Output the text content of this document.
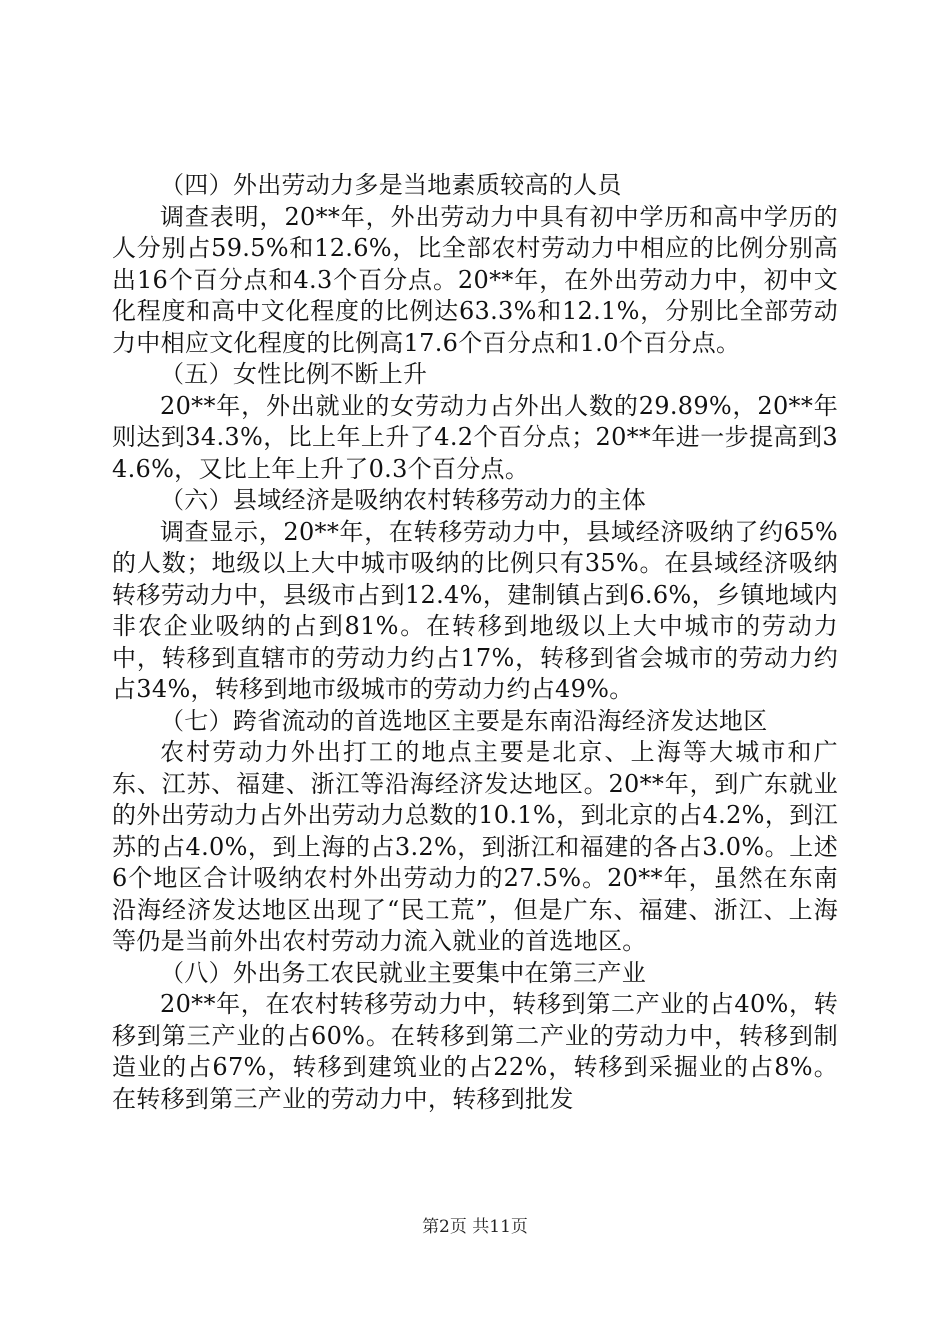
（四）外出劳动力多是当地素质较高的人员

调查表明，20**年，外出劳动力中具有初中学历和高中学历的人分别占59.5%和12.6%，比全部农村劳动力中相应的比例分别高出16个百分点和4.3个百分点。20**年，在外出劳动力中，初中文化程度和高中文化程度的比例达63.3%和12.1%，分别比全部劳动力中相应文化程度的比例高17.6个百分点和1.0个百分点。

（五）女性比例不断上升

20**年，外出就业的女劳动力占外出人数的29.89%，20**年则达到34.3%，比上年上升了4.2个百分点；20**年进一步提高到34.6%，又比上年上升了0.3个百分点。

（六）县域经济是吸纳农村转移劳动力的主体

调查显示，20**年，在转移劳动力中，县域经济吸纳了约65%的人数；地级以上大中城市吸纳的比例只有35%。在县域经济吸纳转移劳动力中，县级市占到12.4%，建制镇占到6.6%，乡镇地域内非农企业吸纳的占到81%。在转移到地级以上大中城市的劳动力中，转移到直辖市的劳动力约占17%，转移到省会城市的劳动力约占34%，转移到地市级城市的劳动力约占49%。

（七）跨省流动的首选地区主要是东南沿海经济发达地区

农村劳动力外出打工的地点主要是北京、上海等大城市和广东、江苏、福建、浙江等沿海经济发达地区。20**年，到广东就业的外出劳动力占外出劳动力总数的10.1%，到北京的占4.2%，到江苏的占4.0%，到上海的占3.2%，到浙江和福建的各占3.0%。上述6个地区合计吸纳农村外出劳动力的27.5%。20**年，虽然在东南沿海经济发达地区出现了“民工荒”，但是广东、福建、浙江、上海等仍是当前外出农村劳动力流入就业的首选地区。

（八）外出务工农民就业主要集中在第三产业

20**年，在农村转移劳动力中，转移到第二产业的占40%，转移到第三产业的占60%。在转移到第二产业的劳动力中，转移到制造业的占67%，转移到建筑业的占22%，转移到采掘业的占8%。在转移到第三产业的劳动力中，转移到批发

第2页 共11页
